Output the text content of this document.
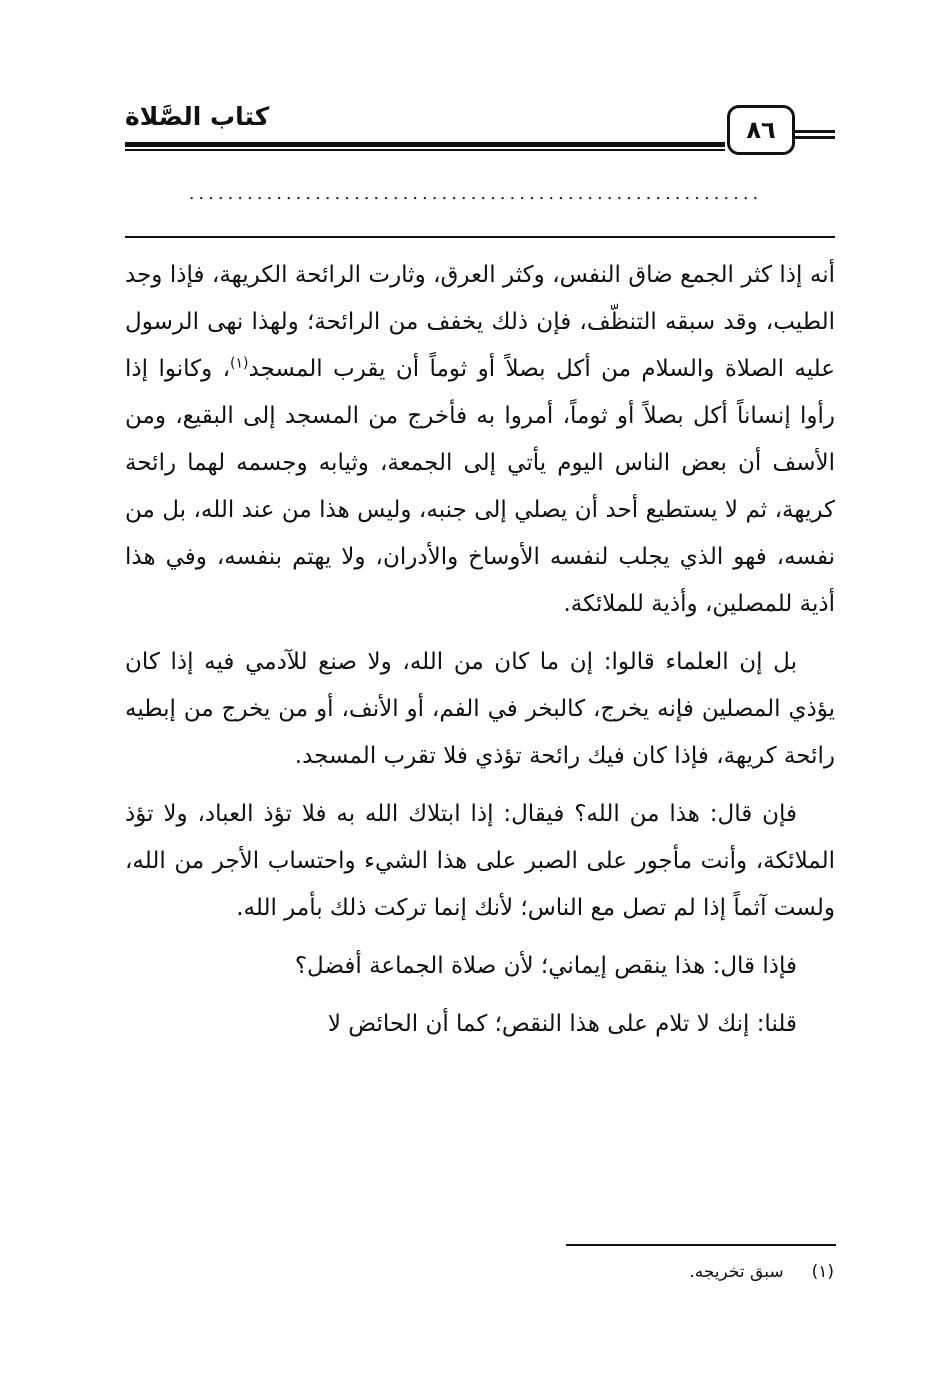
كتاب الصَّلاة	٨٦
...........................................................

أنه إذا كثر الجمع ضاق النفس، وكثر العرق، وثارت الرائحة الكريهة، فإذا وجد الطيب، وقد سبقه التنظّف، فإن ذلك يخفف من الرائحة؛ ولهذا نهى الرسول عليه الصلاة والسلام من أكل بصلاً أو ثوماً أن يقرب المسجد$^{(١)}$، وكانوا إذا رأوا إنساناً أكل بصلاً أو ثوماً، أمروا به فأخرج من المسجد إلى البقيع، ومن الأسف أن بعض الناس اليوم يأتي إلى الجمعة، وثيابه وجسمه لهما رائحة كريهة، ثم لا يستطيع أحد أن يصلي إلى جنبه، وليس هذا من عند الله، بل من نفسه، فهو الذي يجلب لنفسه الأوساخ والأدران، ولا يهتم بنفسه، وفي هذا أذية للمصلين، وأذية للملائكة.

بل إن العلماء قالوا: إن ما كان من الله، ولا صنع للآدمي فيه إذا كان يؤذي المصلين فإنه يخرج، كالبخر في الفم، أو الأنف، أو من يخرج من إبطيه رائحة كريهة، فإذا كان فيك رائحة تؤذي فلا تقرب المسجد.

فإن قال: هذا من الله؟ فيقال: إذا ابتلاك الله به فلا تؤذ العباد، ولا تؤذ الملائكة، وأنت مأجور على الصبر على هذا الشيء واحتساب الأجر من الله، ولست آثماً إذا لم تصل مع الناس؛ لأنك إنما تركت ذلك بأمر الله.

فإذا قال: هذا ينقص إيماني؛ لأن صلاة الجماعة أفضل؟

قلنا: إنك لا تلام على هذا النقص؛ كما أن الحائض لا

(١)سبق تخريجه.
